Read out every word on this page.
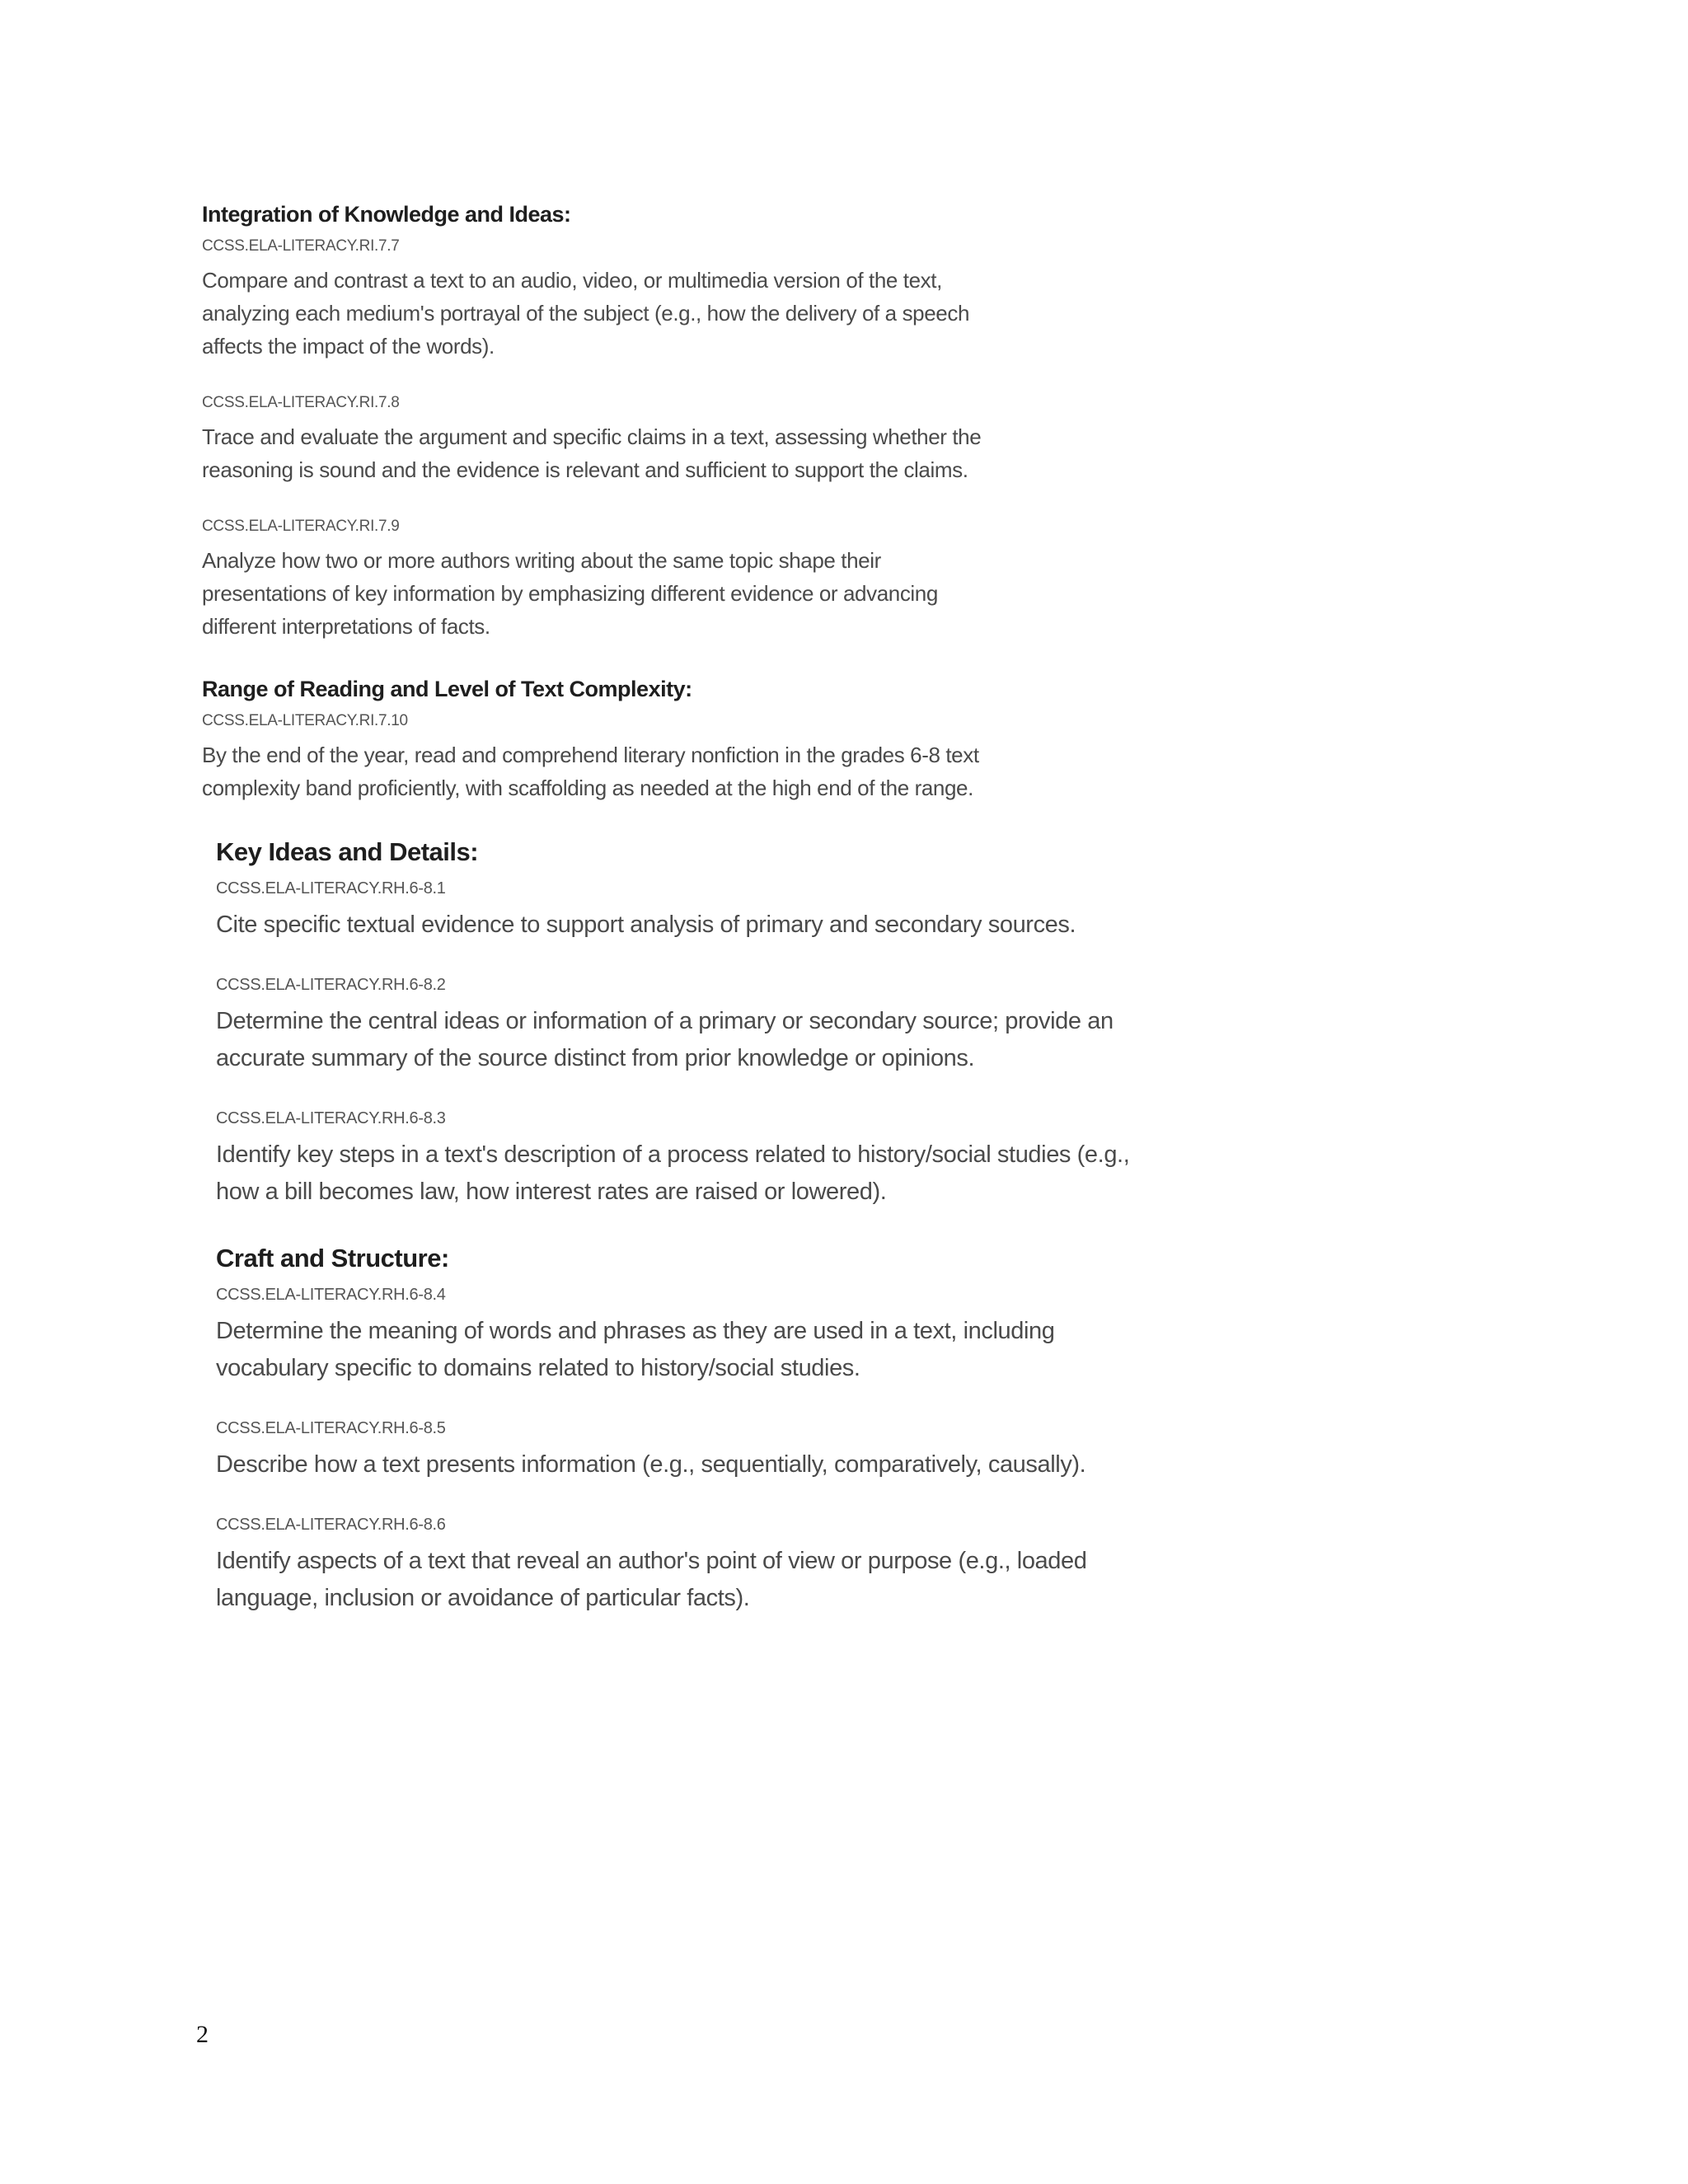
Integration of Knowledge and Ideas:
CCSS.ELA-LITERACY.RI.7.7
Compare and contrast a text to an audio, video, or multimedia version of the text,
analyzing each medium's portrayal of the subject (e.g., how the delivery of a speech
affects the impact of the words).
CCSS.ELA-LITERACY.RI.7.8
Trace and evaluate the argument and specific claims in a text, assessing whether the
reasoning is sound and the evidence is relevant and sufficient to support the claims.
CCSS.ELA-LITERACY.RI.7.9
Analyze how two or more authors writing about the same topic shape their
presentations of key information by emphasizing different evidence or advancing
different interpretations of facts.
Range of Reading and Level of Text Complexity:
CCSS.ELA-LITERACY.RI.7.10
By the end of the year, read and comprehend literary nonfiction in the grades 6-8 text
complexity band proficiently, with scaffolding as needed at the high end of the range.
Key Ideas and Details:
CCSS.ELA-LITERACY.RH.6-8.1
Cite specific textual evidence to support analysis of primary and secondary sources.
CCSS.ELA-LITERACY.RH.6-8.2
Determine the central ideas or information of a primary or secondary source; provide an
accurate summary of the source distinct from prior knowledge or opinions.
CCSS.ELA-LITERACY.RH.6-8.3
Identify key steps in a text's description of a process related to history/social studies (e.g.,
how a bill becomes law, how interest rates are raised or lowered).
Craft and Structure:
CCSS.ELA-LITERACY.RH.6-8.4
Determine the meaning of words and phrases as they are used in a text, including
vocabulary specific to domains related to history/social studies.
CCSS.ELA-LITERACY.RH.6-8.5
Describe how a text presents information (e.g., sequentially, comparatively, causally).
CCSS.ELA-LITERACY.RH.6-8.6
Identify aspects of a text that reveal an author's point of view or purpose (e.g., loaded
language, inclusion or avoidance of particular facts).
2
